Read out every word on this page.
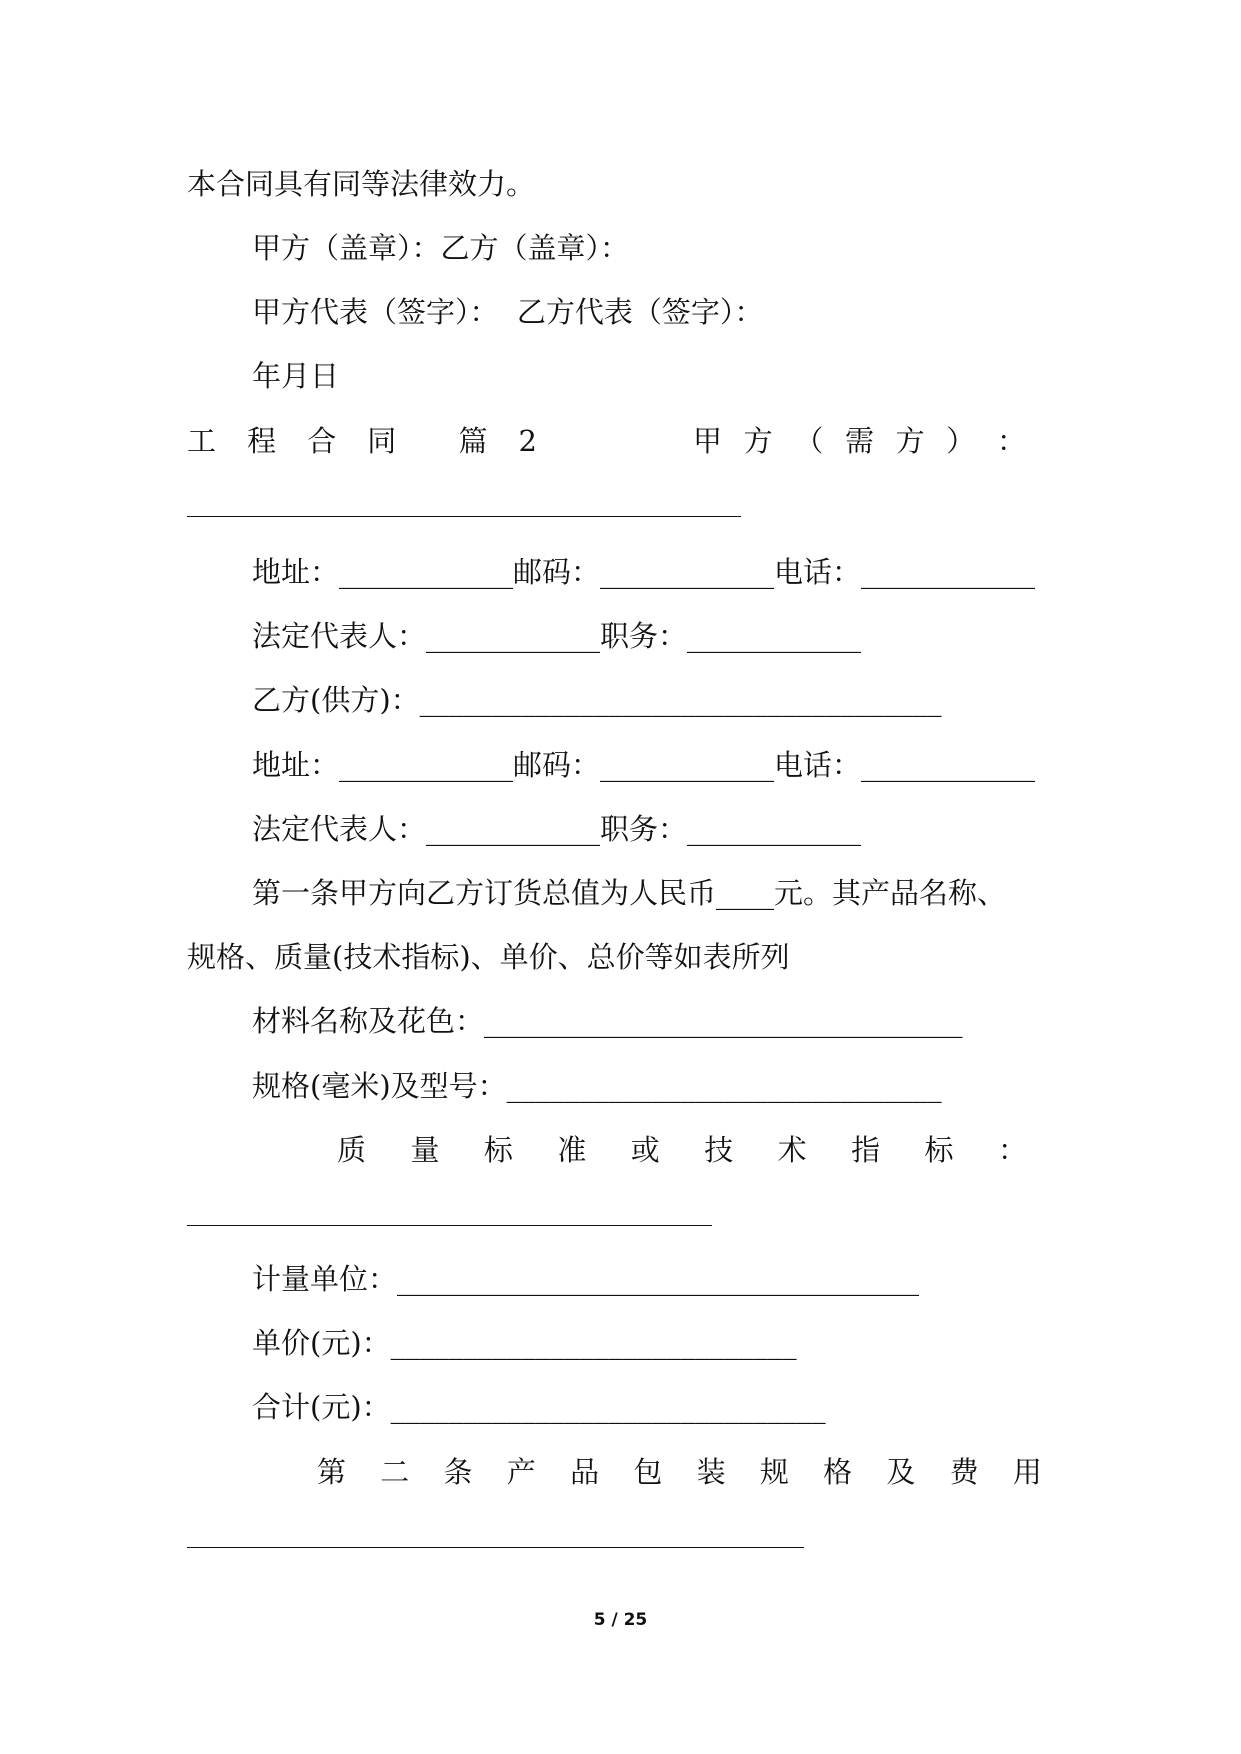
本合同具有同等法律效力。
甲方（盖章）：乙方（盖章）：
甲方代表（签字）：  乙方代表（签字）：
年月日
工 程 合 同 篇 2	甲 方 （ 需 方 ） ：
地址：____________邮码：____________电话：____________
法定代表人：____________职务：____________
乙方(供方)：____________________________________
地址：____________邮码：____________电话：____________
法定代表人：____________职务：____________
第一条甲方向乙方订货总值为人民币____元。其产品名称、
规格、质量(技术指标)、单价、总价等如表所列
材料名称及花色：_________________________________
规格(毫米)及型号：______________________________
质 量 标 准 或 技 术 指 标 ：
计量单位：____________________________________
单价(元)：____________________________
合计(元)：______________________________
第 二 条 产 品 包 装 规 格 及 费 用
5 / 25
